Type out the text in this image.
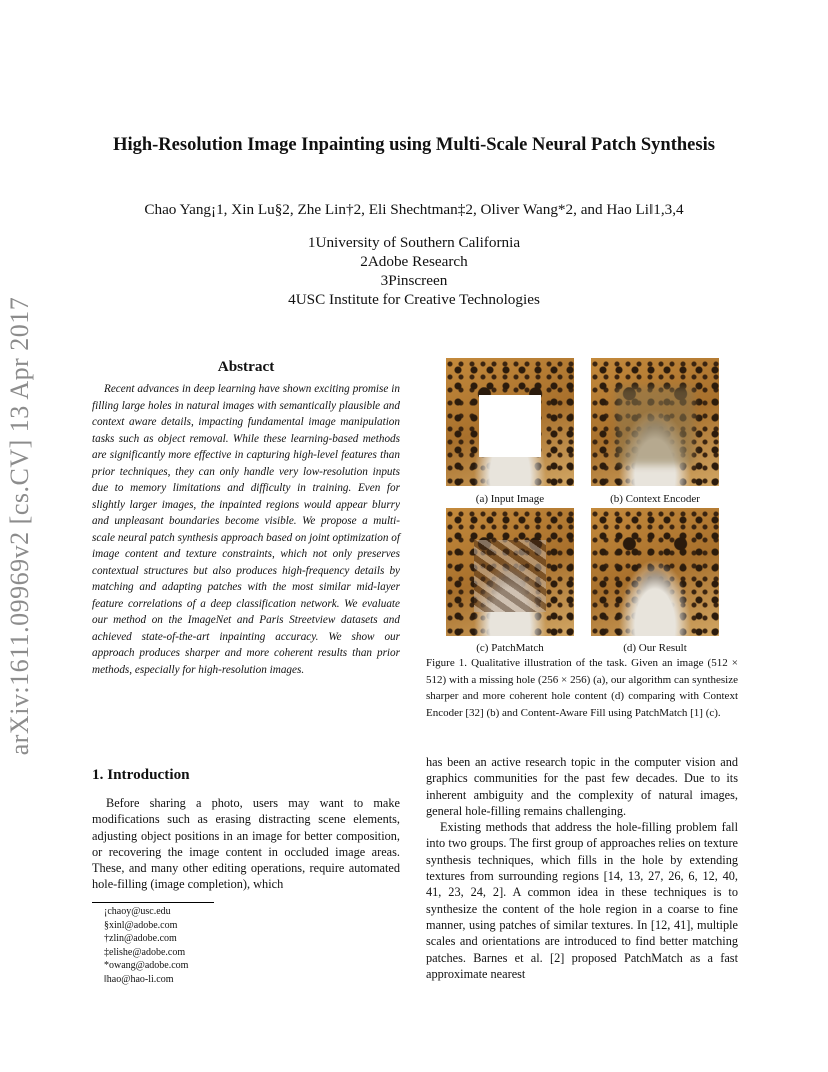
arXiv:1611.09969v2 [cs.CV] 13 Apr 2017
High-Resolution Image Inpainting using Multi-Scale Neural Patch Synthesis
Chao Yang¡1, Xin Lu§2, Zhe Lin†2, Eli Shechtman‡2, Oliver Wang*2, and Hao Li‖1,3,4
1University of Southern California
2Adobe Research
3Pinscreen
4USC Institute for Creative Technologies
Abstract
Recent advances in deep learning have shown exciting promise in filling large holes in natural images with semantically plausible and context aware details, impacting fundamental image manipulation tasks such as object removal. While these learning-based methods are significantly more effective in capturing high-level features than prior techniques, they can only handle very low-resolution inputs due to memory limitations and difficulty in training. Even for slightly larger images, the inpainted regions would appear blurry and unpleasant boundaries become visible. We propose a multi-scale neural patch synthesis approach based on joint optimization of image content and texture constraints, which not only preserves contextual structures but also produces high-frequency details by matching and adapting patches with the most similar mid-layer feature correlations of a deep classification network. We evaluate our method on the ImageNet and Paris Streetview datasets and achieved state-of-the-art inpainting accuracy. We show our approach produces sharper and more coherent results than prior methods, especially for high-resolution images.
(a) Input Image	(b) Context Encoder
(c) PatchMatch	(d) Our Result
Figure 1. Qualitative illustration of the task. Given an image (512 × 512) with a missing hole (256 × 256) (a), our algorithm can synthesize sharper and more coherent hole content (d) comparing with Context Encoder [32] (b) and Content-Aware Fill using PatchMatch [1] (c).
1. Introduction
Before sharing a photo, users may want to make modifications such as erasing distracting scene elements, adjusting object positions in an image for better composition, or recovering the image content in occluded image areas. These, and many other editing operations, require automated hole-filling (image completion), which

has been an active research topic in the computer vision and graphics communities for the past few decades. Due to its inherent ambiguity and the complexity of natural images, general hole-filling remains challenging.

Existing methods that address the hole-filling problem fall into two groups. The first group of approaches relies on texture synthesis techniques, which fills in the hole by extending textures from surrounding regions [14, 13, 27, 26, 6, 12, 40, 41, 23, 24, 2]. A common idea in these techniques is to synthesize the content of the hole region in a coarse to fine manner, using patches of similar textures. In [12, 41], multiple scales and orientations are introduced to find better matching patches. Barnes et al. [2] proposed PatchMatch as a fast approximate nearest

¡chaoy@usc.edu
§xinl@adobe.com
†zlin@adobe.com
‡elishe@adobe.com
*owang@adobe.com
‖hao@hao-li.com
